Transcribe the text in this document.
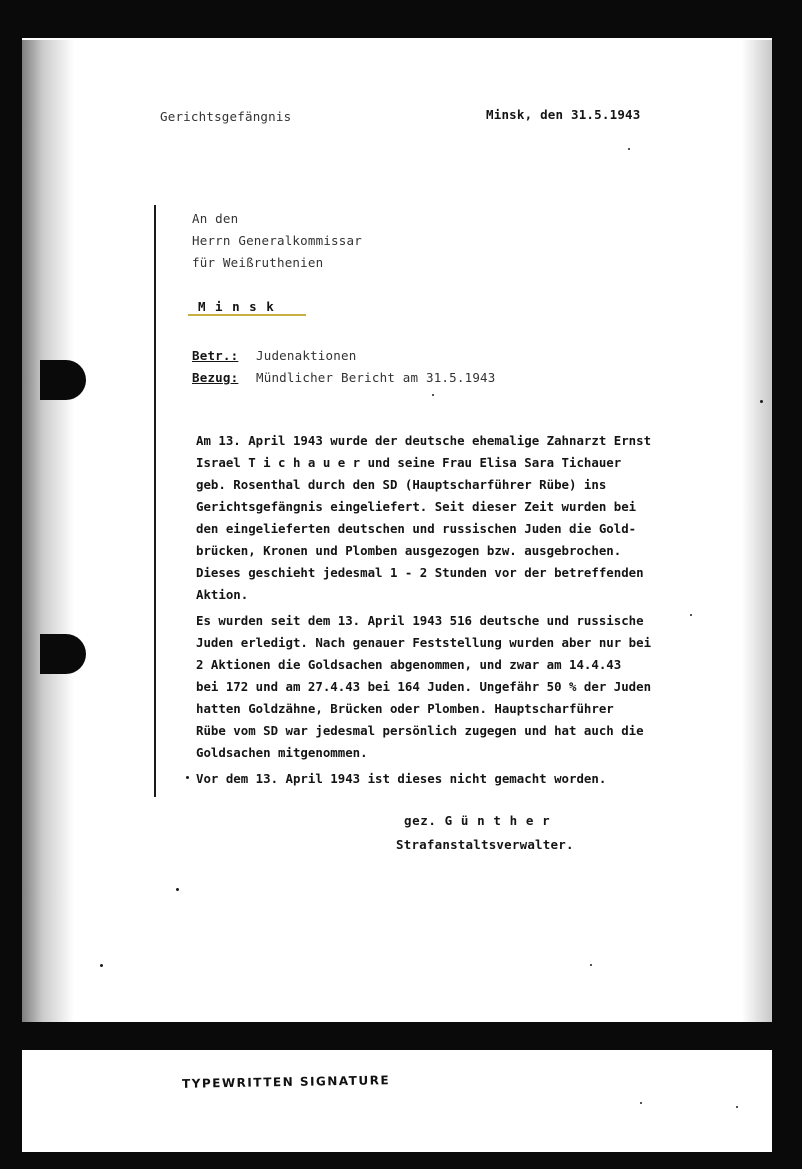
Gerichtsgefängnis	Minsk, den 31.5.1943
An den
Herrn Generalkommissar
für Weißruthenien
M i n s k
Betr.: Judenaktionen
Bezug: Mündlicher Bericht am 31.5.1943
Am 13. April 1943 wurde der deutsche ehemalige Zahnarzt Ernst
Israel T i c h a u e r und seine Frau Elisa Sara Tichauer
geb. Rosenthal durch den SD (Hauptscharführer Rübe) ins
Gerichtsgefängnis eingeliefert. Seit dieser Zeit wurden bei
den eingelieferten deutschen und russischen Juden die Gold-
brücken, Kronen und Plomben ausgezogen bzw. ausgebrochen.
Dieses geschieht jedesmal 1 - 2 Stunden vor der betreffenden
Aktion.
Es wurden seit dem 13. April 1943 516 deutsche und russische
Juden erledigt. Nach genauer Feststellung wurden aber nur bei
2 Aktionen die Goldsachen abgenommen, und zwar am 14.4.43
bei 172 und am 27.4.43 bei 164 Juden. Ungefähr 50 % der Juden
hatten Goldzähne, Brücken oder Plomben. Hauptscharführer
Rübe vom SD war jedesmal persönlich zugegen und hat auch die
Goldsachen mitgenommen.
Vor dem 13. April 1943 ist dieses nicht gemacht worden.
gez. G ü n t h e r
Strafanstaltsverwalter.
TYPEWRITTEN SIGNATURE
